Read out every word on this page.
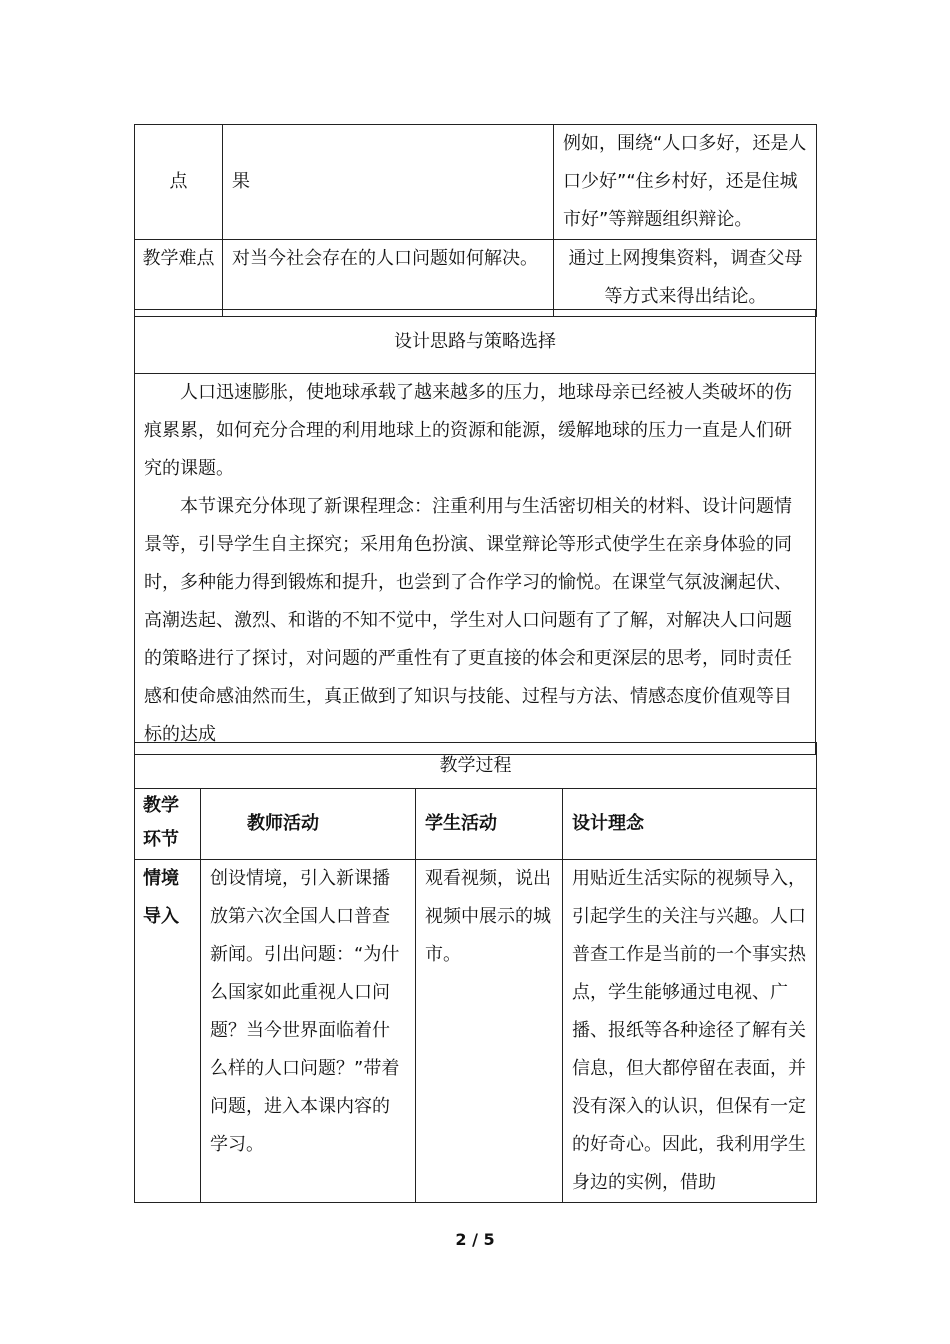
点	果	例如，围绕“人口多好，还是人口少好”“住乡村好，还是住城市好”等辩题组织辩论。
教学难点	对当今社会存在的人口问题如何解决。	通过上网搜集资料，调查父母等方式来得出结论。
设计思路与策略选择

人口迅速膨胀，使地球承载了越来越多的压力，地球母亲已经被人类破坏的伤痕累累，如何充分合理的利用地球上的资源和能源，缓解地球的压力一直是人们研究的课题。

本节课充分体现了新课程理念：注重利用与生活密切相关的材料、设计问题情景等，引导学生自主探究；采用角色扮演、课堂辩论等形式使学生在亲身体验的同时，多种能力得到锻炼和提升，也尝到了合作学习的愉悦。在课堂气氛波澜起伏、高潮迭起、激烈、和谐的不知不觉中，学生对人口问题有了了解，对解决人口问题的策略进行了探讨，对问题的严重性有了更直接的体会和更深层的思考，同时责任感和使命感油然而生，真正做到了知识与技能、过程与方法、情感态度价值观等目标的达成

教学过程			
教学环节	教师活动	学生活动	设计理念
情境导入	创设情境，引入新课播放第六次全国人口普查新闻。引出问题：“为什么国家如此重视人口问题？当今世界面临着什么样的人口问题？”带着问题，进入本课内容的学习。	观看视频，说出视频中展示的城市。	用贴近生活实际的视频导入，引起学生的关注与兴趣。人口普查工作是当前的一个事实热点，学生能够通过电视、广播、报纸等各种途径了解有关信息，但大都停留在表面，并没有深入的认识，但保有一定的好奇心。因此，我利用学生身边的实例，借助
2 / 5
